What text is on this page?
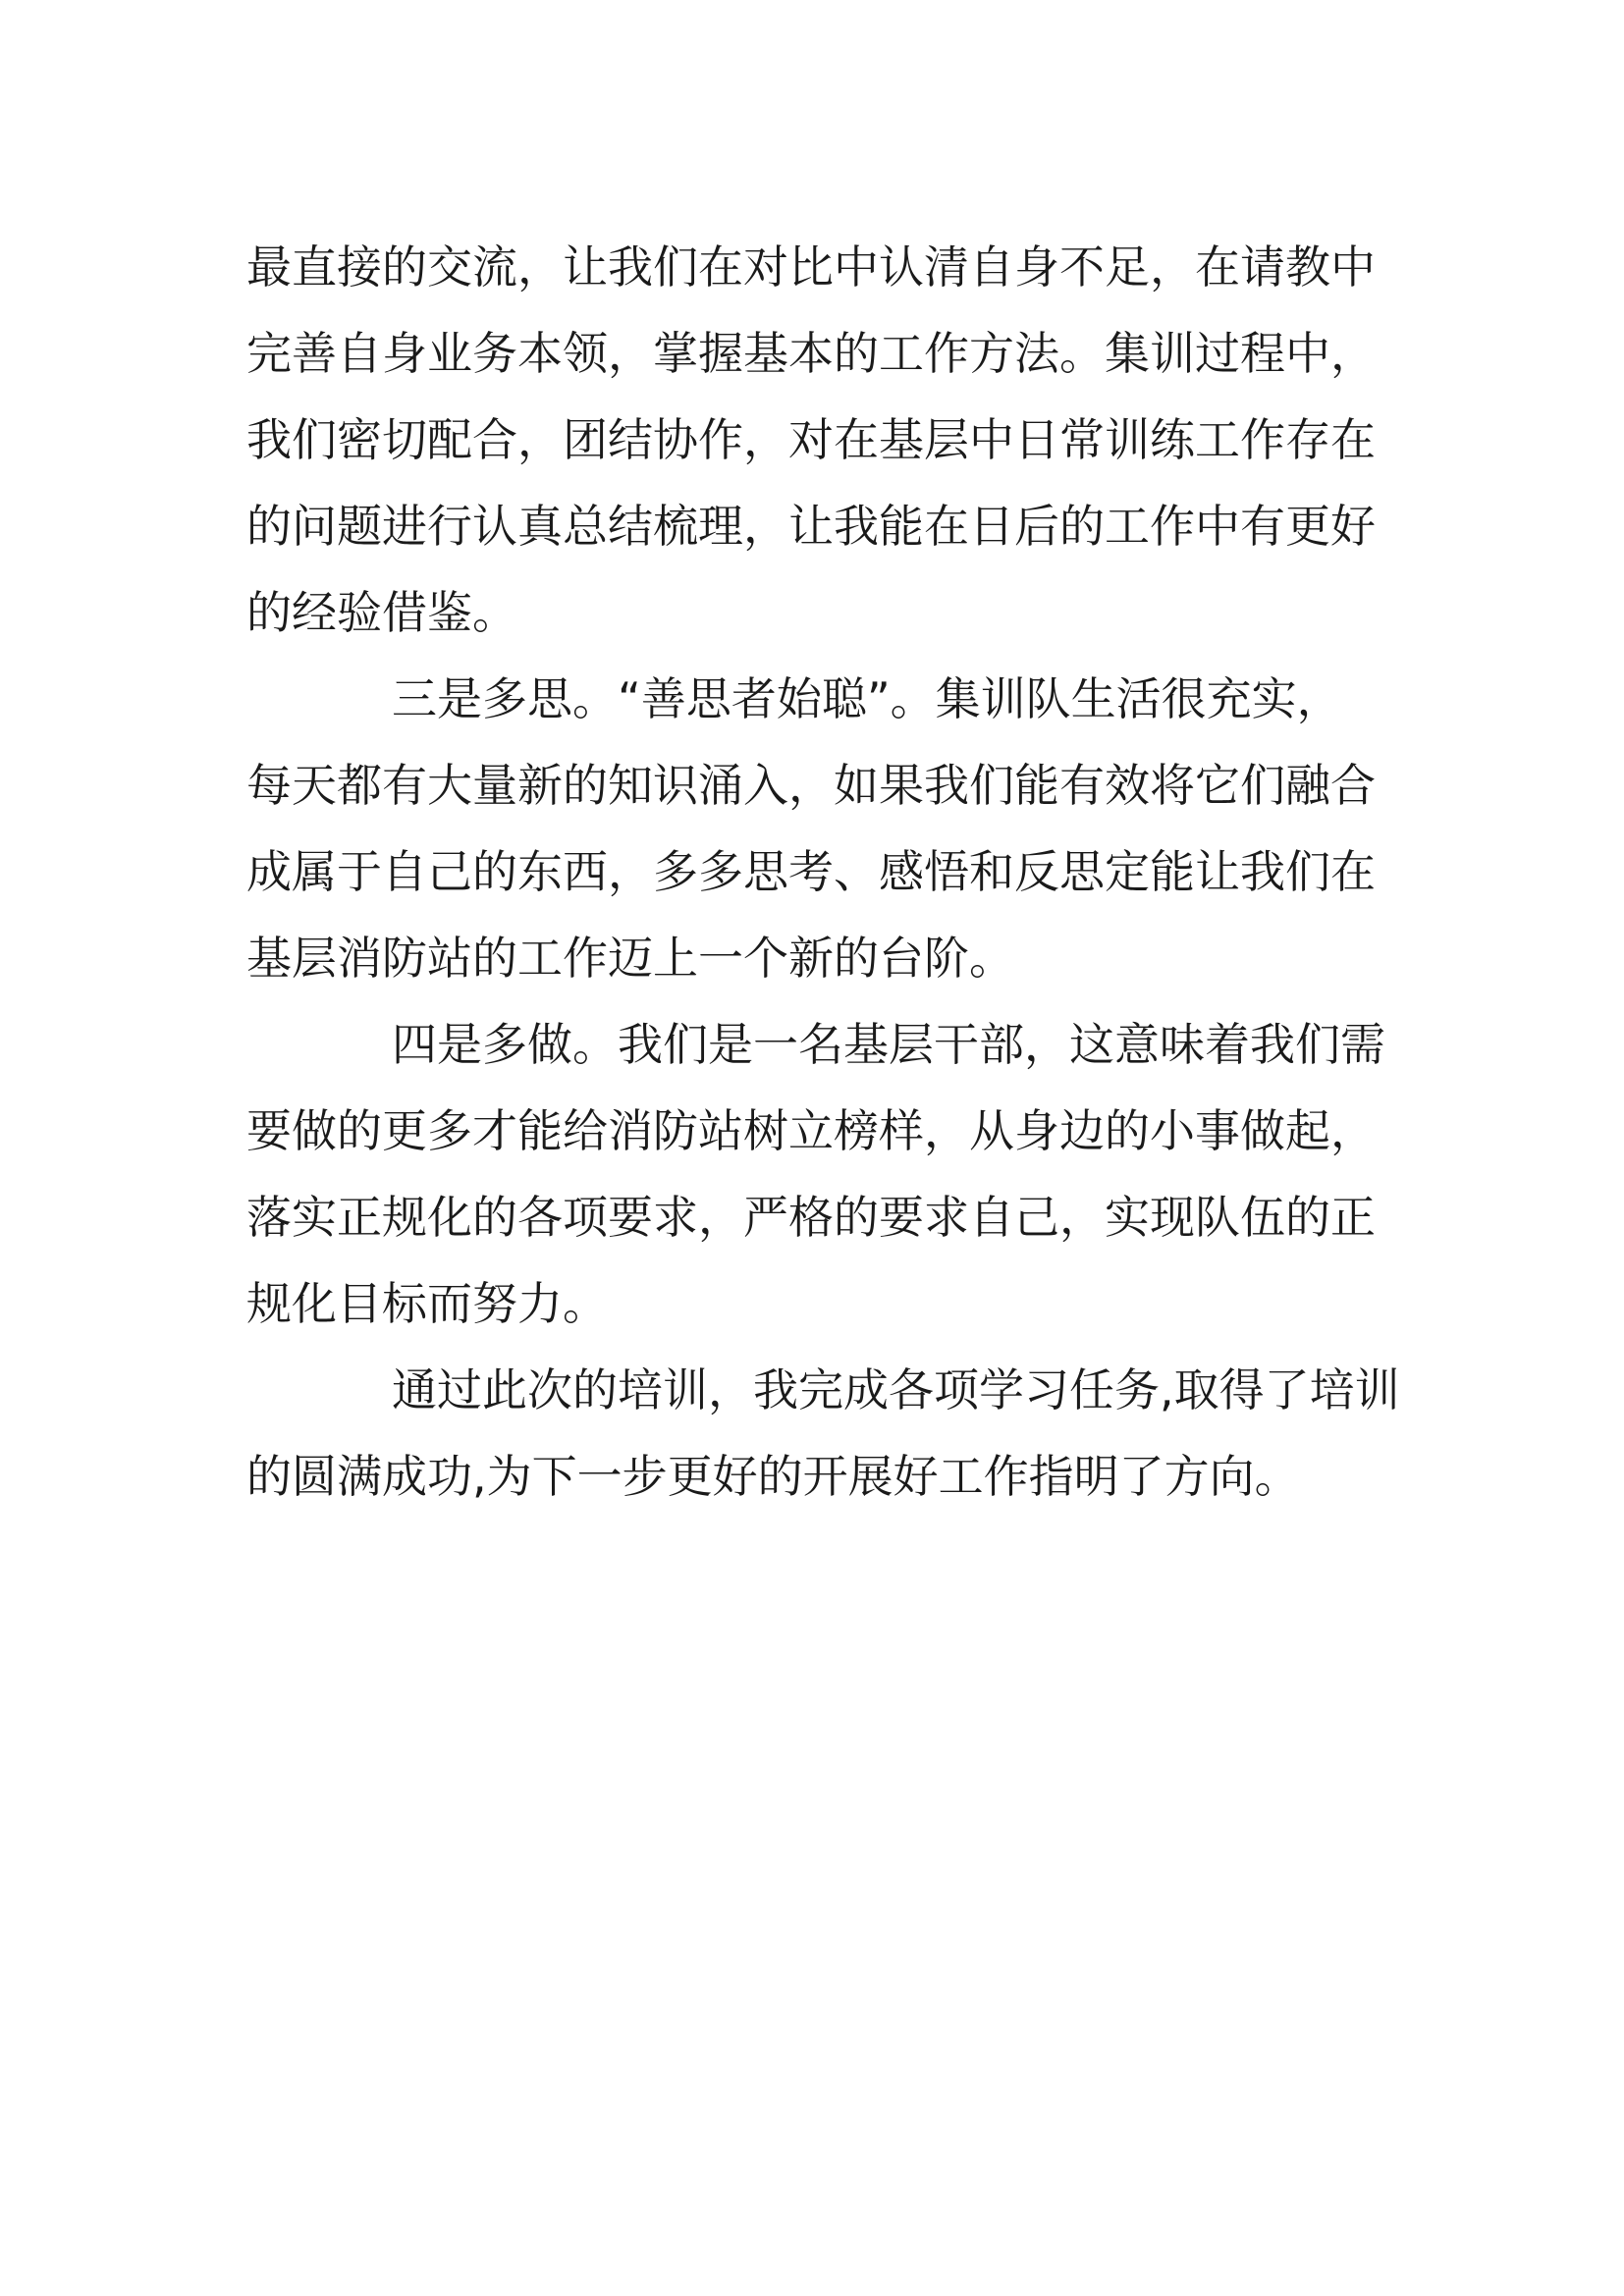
最直接的交流，让我们在对比中认清自身不足，在请教中
完善自身业务本领，掌握基本的工作方法。集训过程中，
我们密切配合，团结协作，对在基层中日常训练工作存在
的问题进行认真总结梳理，让我能在日后的工作中有更好
的经验借鉴。
三是多思。“善思者始聪”。集训队生活很充实，
每天都有大量新的知识涌入，如果我们能有效将它们融合
成属于自己的东西，多多思考、感悟和反思定能让我们在
基层消防站的工作迈上一个新的台阶。
四是多做。我们是一名基层干部，这意味着我们需
要做的更多才能给消防站树立榜样，从身边的小事做起，
落实正规化的各项要求，严格的要求自己，实现队伍的正
规化目标而努力。
通过此次的培训，我完成各项学习任务,取得了培训
的圆满成功,为下一步更好的开展好工作指明了方向。
